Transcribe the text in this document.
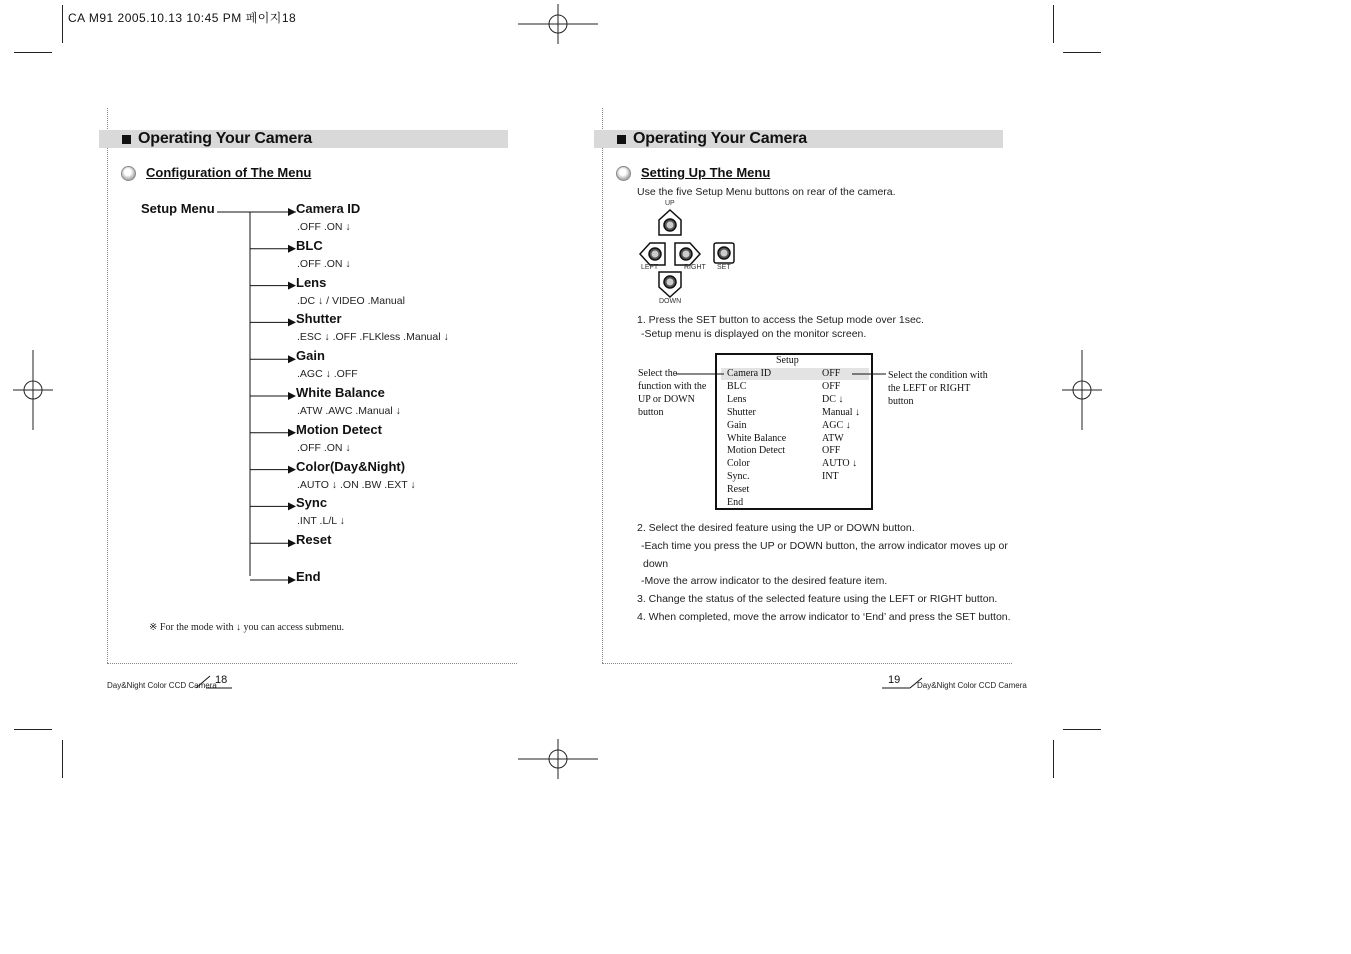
CA M91 2005.10.13 10:45 PM 페이지18
Operating Your Camera
Configuration of The Menu
Setup Menu	Camera ID
.OFF .ON ↓
BLC
.OFF .ON ↓
Lens
.DC ↓ / VIDEO .Manual
Shutter
.ESC ↓ .OFF .FLKless .Manual ↓
Gain
.AGC ↓ .OFF
White Balance
.ATW .AWC .Manual ↓
Motion Detect
.OFF .ON ↓
Color(Day&Night)
.AUTO ↓ .ON .BW .EXT ↓
Sync
.INT .L/L ↓
Reset
End
※ For the mode with ↓ you can access submenu.
Day&Night Color CCD Camera
18
Operating Your Camera
Setting Up The Menu
Use the five Setup Menu buttons on rear of the camera.
UP
LEFT	RIGHT SET
DOWN
1. Press the SET button to access the Setup mode over 1sec.
-Setup menu is displayed on the monitor screen.
Setup
Camera ID	OFF
BLC	OFF
Lens	DC ↓
Shutter	Manual ↓
Gain	AGC ↓
White Balance	ATW
Motion Detect	OFF
Color	AUTO ↓
Sync.	INT
Reset
End
Select the
function with the
UP or DOWN
button
Select the condition with
the LEFT or RIGHT
button
2. Select the desired feature using the UP or DOWN button.
-Each time you press the UP or DOWN button, the arrow indicator moves up or
down
-Move the arrow indicator to the desired feature item.
3. Change the status of the selected feature using the LEFT or RIGHT button.
4. When completed, move the arrow indicator to ‘End’ and press the SET button.
19 Day&Night Color CCD Camera
